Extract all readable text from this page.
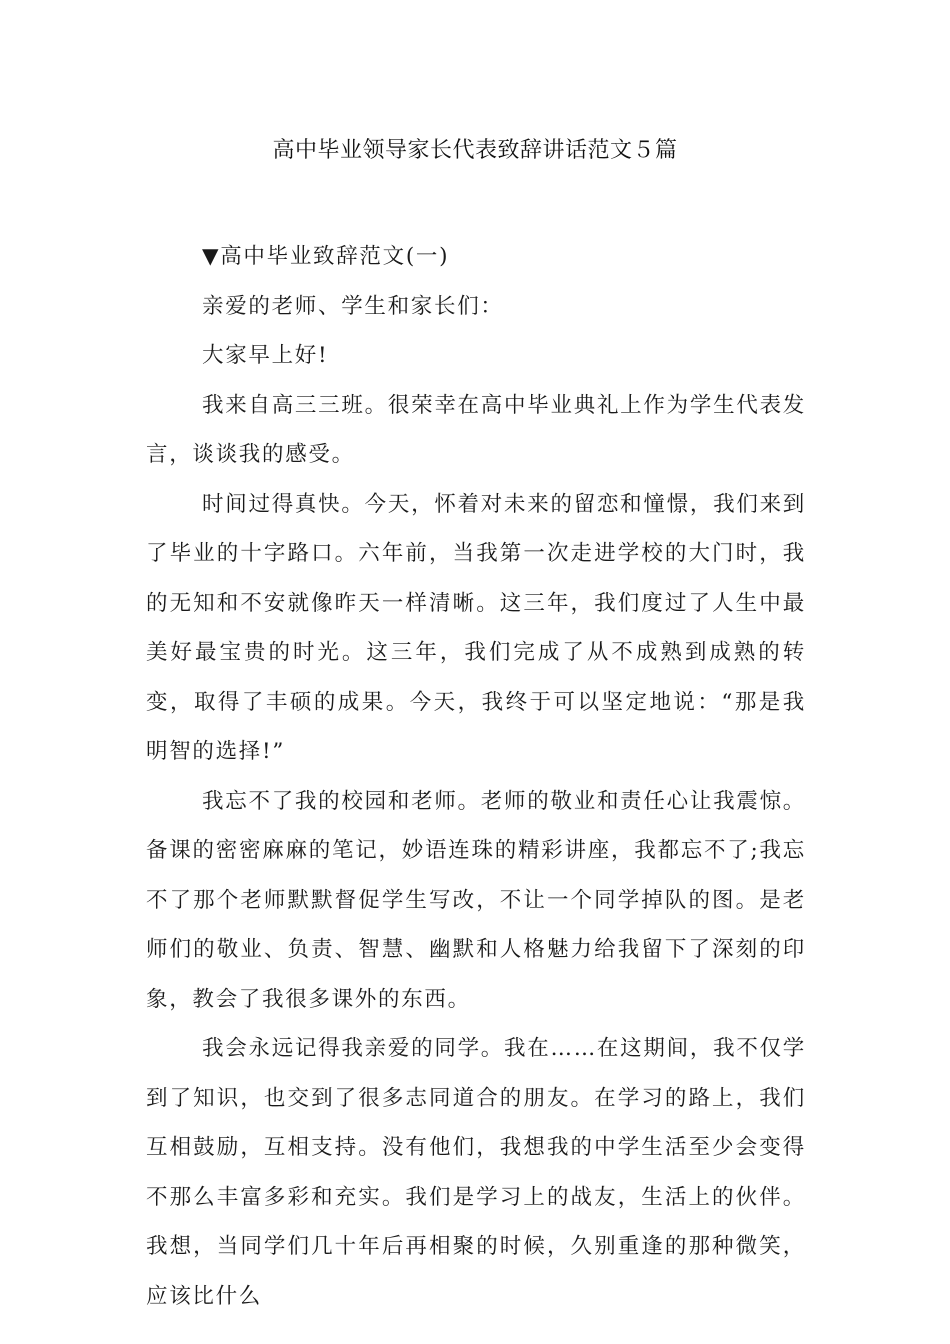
高中毕业领导家长代表致辞讲话范文５篇

▼高中毕业致辞范文(一)

亲爱的老师、学生和家长们：

大家早上好!

我来自高三三班。很荣幸在高中毕业典礼上作为学生代表发言，谈谈我的感受。

时间过得真快。今天，怀着对未来的留恋和憧憬，我们来到了毕业的十字路口。六年前，当我第一次走进学校的大门时，我的无知和不安就像昨天一样清晰。这三年，我们度过了人生中最美好最宝贵的时光。这三年，我们完成了从不成熟到成熟的转变，取得了丰硕的成果。今天，我终于可以坚定地说：“那是我明智的选择!”

我忘不了我的校园和老师。老师的敬业和责任心让我震惊。备课的密密麻麻的笔记，妙语连珠的精彩讲座，我都忘不了;我忘不了那个老师默默督促学生写改，不让一个同学掉队的图。是老师们的敬业、负责、智慧、幽默和人格魅力给我留下了深刻的印象，教会了我很多课外的东西。

我会永远记得我亲爱的同学。我在……在这期间，我不仅学到了知识，也交到了很多志同道合的朋友。在学习的路上，我们互相鼓励，互相支持。没有他们，我想我的中学生活至少会变得不那么丰富多彩和充实。我们是学习上的战友，生活上的伙伴。我想，当同学们几十年后再相聚的时候，久别重逢的那种微笑，应该比什么
